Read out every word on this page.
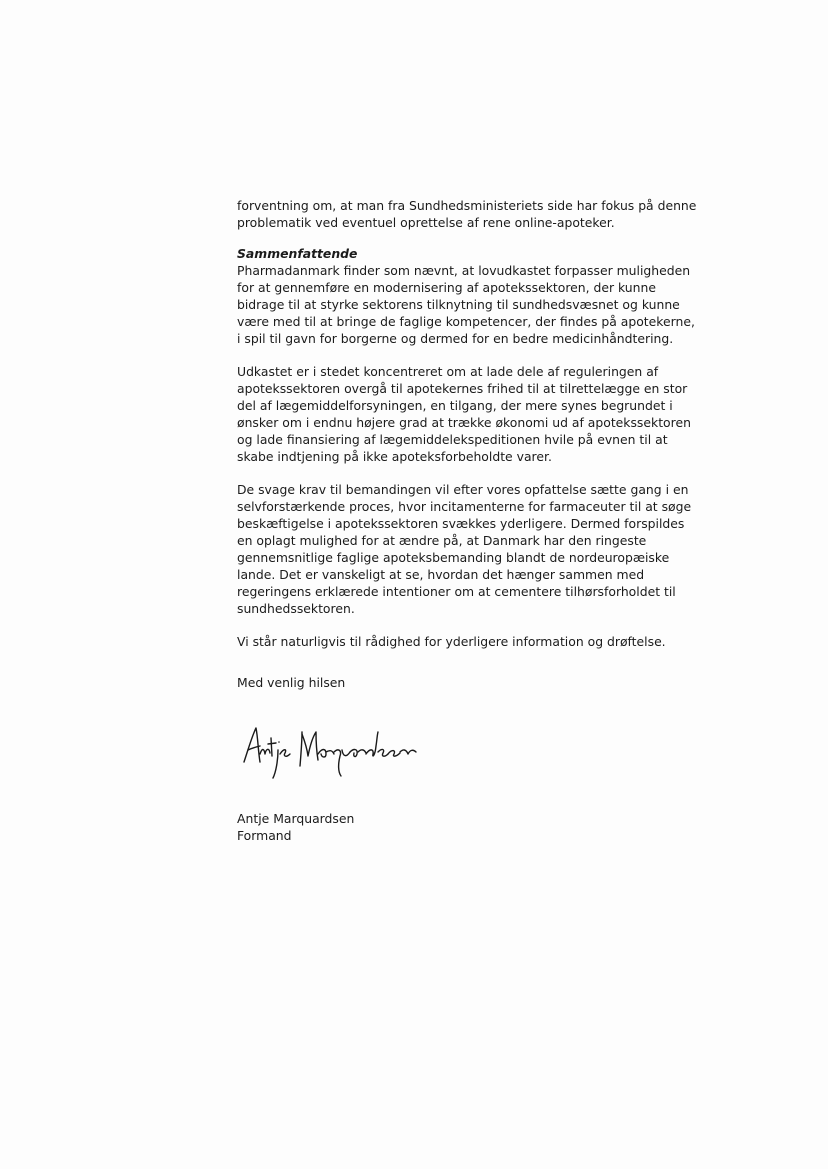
forventning om, at man fra Sundhedsministeriets side har fokus på denne
problematik ved eventuel oprettelse af rene online-apoteker.

Sammenfattende

Pharmadanmark finder som nævnt, at lovudkastet forpasser muligheden
for at gennemføre en modernisering af apotekssektoren, der kunne
bidrage til at styrke sektorens tilknytning til sundhedsvæsnet og kunne
være med til at bringe de faglige kompetencer, der findes på apotekerne,
i spil til gavn for borgerne og dermed for en bedre medicinhåndtering.

Udkastet er i stedet koncentreret om at lade dele af reguleringen af
apotekssektoren overgå til apotekernes frihed til at tilrettelægge en stor
del af lægemiddelforsyningen, en tilgang, der mere synes begrundet i
ønsker om i endnu højere grad at trække økonomi ud af apotekssektoren
og lade finansiering af lægemiddelekspeditionen hvile på evnen til at
skabe indtjening på ikke apoteksforbeholdte varer.

De svage krav til bemandingen vil efter vores opfattelse sætte gang i en
selvforstærkende proces, hvor incitamenterne for farmaceuter til at søge
beskæftigelse i apotekssektoren svækkes yderligere. Dermed forspildes
en oplagt mulighed for at ændre på, at Danmark har den ringeste
gennemsnitlige faglige apoteksbemanding blandt de nordeuropæiske
lande. Det er vanskeligt at se, hvordan det hænger sammen med
regeringens erklærede intentioner om at cementere tilhørsforholdet til
sundhedssektoren.

Vi står naturligvis til rådighed for yderligere information og drøftelse.

Med venlig hilsen
Antje Marquardsen
Formand
